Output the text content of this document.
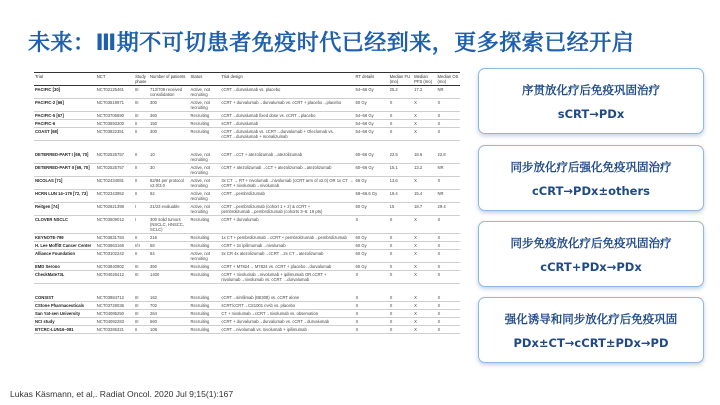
未来：Ⅲ期不可切患者免疫时代已经到来，更多探索已经开启
Trial	NCT	Study phase	Number of patients	Status	Trial design	RT details	Median FU (mo)	Median PFS (mo)	Median OS (mo)
PACIFIC [30]	NCT02125461	III	713/709 received consolidation	Active, not recruiting	cCRT→durvalumab vs. placebo	54–66 Gy	25.2	17.2	NR
PACIFIC-2 [66]	NCT03519971	III	300	Active, not recruiting	cCRT + durvalumab→durvalumab vs. cCRT + placebo→placebo	60 Gy	X	X	X
PACIFIC-5 [67]	NCT03706690	III	360	Recruiting	cCRT→durvalumab fixed dose vs. cCRT→placebo	54–66 Gy	X	X	X
PACIFIC-6	NCT03693300	II	150	Recruiting	sCRT→durvalumab	54–66 Gy	X	X	X
COAST [68]	NCT03822351	II	300	Recruiting	cCRT→durvalumab vs. cCRT→durvalumab + Oleclumab vs. cCRT→durvalumab + monalizumab	54–66 Gy	X	X	X

DETERRED-PART I [69, 70]	NCT02525757	II	10	Active, not recruiting	cCRT→cCT + atezolizumab→atezolizumab	60–66 Gy	22.5	18.6	22.8
DETERRED-PART II [69, 70]	NCT02525757	II	30	Active, not recruiting	cCRT + atezolizumab→cCT + atezolizumab→atezolizumab	60–66 Gy	15.1	13.2	NR
NICOLAS [71]	NCT02434081	II	82/94 per protocol v2.0/3.0	Active, not recruiting	3x CT → RT + nivolumab→nivolumab (cCRT arm of v2.0) OR 1x CT → cCRT + nivolumab→nivolumab	66 Gy	13.6	X	X
HCRN LUN 14–179 [72, 73]	NCT02343952	II	92	Active, not recruiting	cCRT→pembrolizumab	59–66.6 Gy	16.4	15.4	NR
Reitgen [74]	NCT02621398	I	21/23 evaluable	Active, not recruiting	cCRT→pembrolizumab (cohort 1 + 2) & cCRT + pembrolizumab→pembrolizumab (cohorts 3–6: 19 pts)	60 Gy	15	18.7	29.4
CLOVER NSCLC	NCT03509012	I	300 solid tumors (NSCLC, HNSCC, SCLC)	Recruiting	cCRT + durvalumab	X	X	X	X
KEYNOTE-799	NCT03631784	II	216	Recruiting	1x CT + pembrolizumab→cCRT + pembrolizumab→pembrolizumab	60 Gy	X	X	X
H. Lee Moffitt Cancer Center	NCT03663166	I/II	58	Recruiting	cCRT + 2x ipilimumab→nivolumab	60 Gy	X	X	X
Alliance Foundation	NCT03102242	II	64	Active, not recruiting	2x CR 4x atezolizumab→cCRT→2x CT→atezolizumab	60 Gy	X	X	X
EMD Serono	NCT03840902	III	350	Recruiting	cCRT + M7824→ M7824 vs. cCRT + placebo→durvalumab	60 Gy	X	X	X
CheckMate73L	NCT04026412	III	1400	Recruiting	cCRT + nivolumab→nivolumab + ipilimumab OR cCRT + nivolumab→nivolumab vs. cCRT →durvalumab	X	X	X	X

CONSIST	NCT03884712	III	162	Recruiting	cCRT→sintilimab (IBI308) vs. cCRT alone	X	X	X	X
CStone Pharmaceuticals	NCT03728036	III	702	Recruiting	sCRT/cCRT→CS1001 mAb vs. placebo	X	X	X	X
San Yat-sen University	NCT04085250	III	264	Recruiting	CT + nivolumab→cCRT→nivolumab vs. observation	X	X	X	X
NCI study	NCT04092283	III	660	Recruiting	cCRT + durvalumab→durvalumab vs. cCRT→durvalumab	X	X	X	X
BTCRC-LUN16–081	NCT03285321	II	108	Recruiting	cCRT→nivolumab vs. nivolumab + ipilimumab	X	X	X	X
序贯放化疗后免疫巩固治疗
sCRT→PDx
同步放化疗后强化免疫巩固治疗
cCRT→PDx±others
同步免疫放化疗后免疫巩固治疗
cCRT+PDx→PDx
强化诱导和同步放化疗后免疫巩固
PDx±CT→cCRT±PDx→PD
Lukas Käsmann, et al,. Radiat Oncol. 2020 Jul 9;15(1):167
